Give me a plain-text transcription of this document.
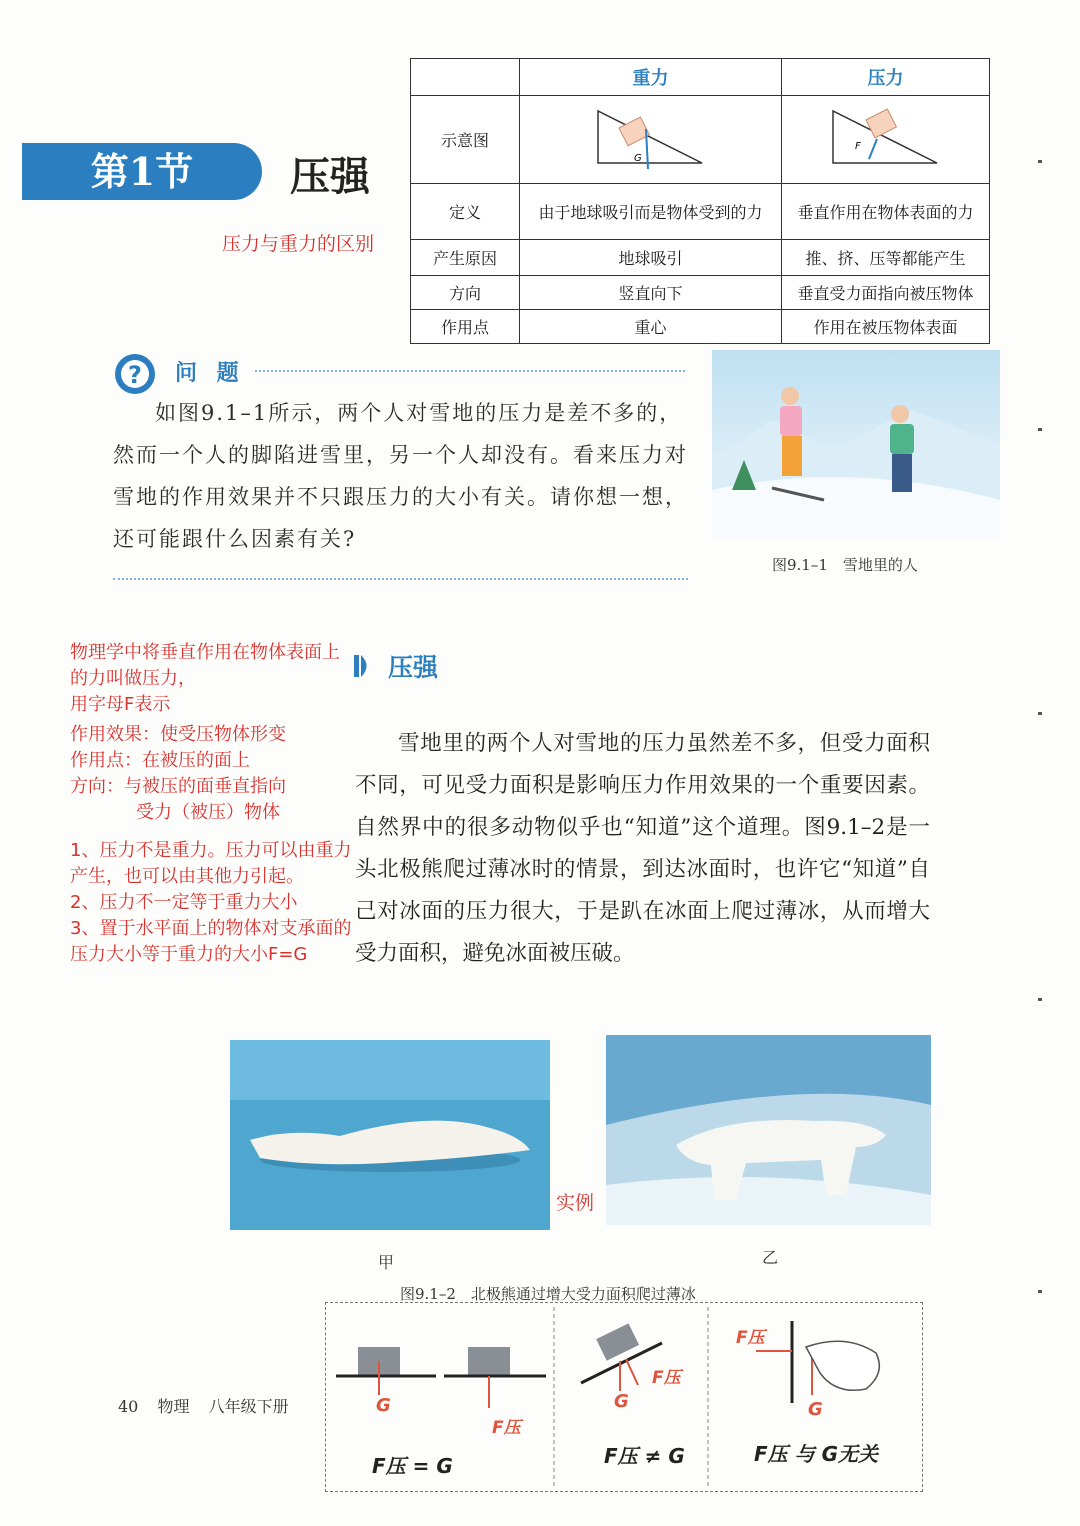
第1节	压强
压力与重力的区别
	重力	压力
示意图	G	F

定义	由于地球吸引而是物体受到的力	垂直作用在物体表面的力
产生原因	地球吸引	推、挤、压等都能产生
方向	竖直向下	垂直受力面指向被压物体
作用点	重心	作用在被压物体表面
? 问 题
如图9.1–1所示，两个人对雪地的压力是差不多的，然而一个人的脚陷进雪里，另一个人却没有。看来压力对雪地的作用效果并不只跟压力的大小有关。请你想一想，还可能跟什么因素有关?
图9.1–1　雪地里的人

物理学中将垂直作用在物体表面上的力叫做压力，

用字母F表示

作用效果：使受压物体形变

作用点：在被压的面上

方向：与被压的面垂直指向

受力（被压）物体

1、压力不是重力。压力可以由重力产生，也可以由其他力引起。

2、压力不一定等于重力大小

3、置于水平面上的物体对支承面的压力大小等于重力的大小F=G

压强
雪地里的两个人对雪地的压力虽然差不多，但受力面积不同，可见受力面积是影响压力作用效果的一个重要因素。自然界中的很多动物似乎也“知道”这个道理。图9.1–2是一头北极熊爬过薄冰时的情景，到达冰面时，也许它“知道”自己对冰面的压力很大，于是趴在冰面上爬过薄冰，从而增大受力面积，避免冰面被压破。
实例
甲	乙
图9.1–2　北极熊通过增大受力面积爬过薄冰
G
F压
F压 = G
G
F压
F压 ≠ G
F压
G
F压 与 G无关
40 物理 八年级下册
